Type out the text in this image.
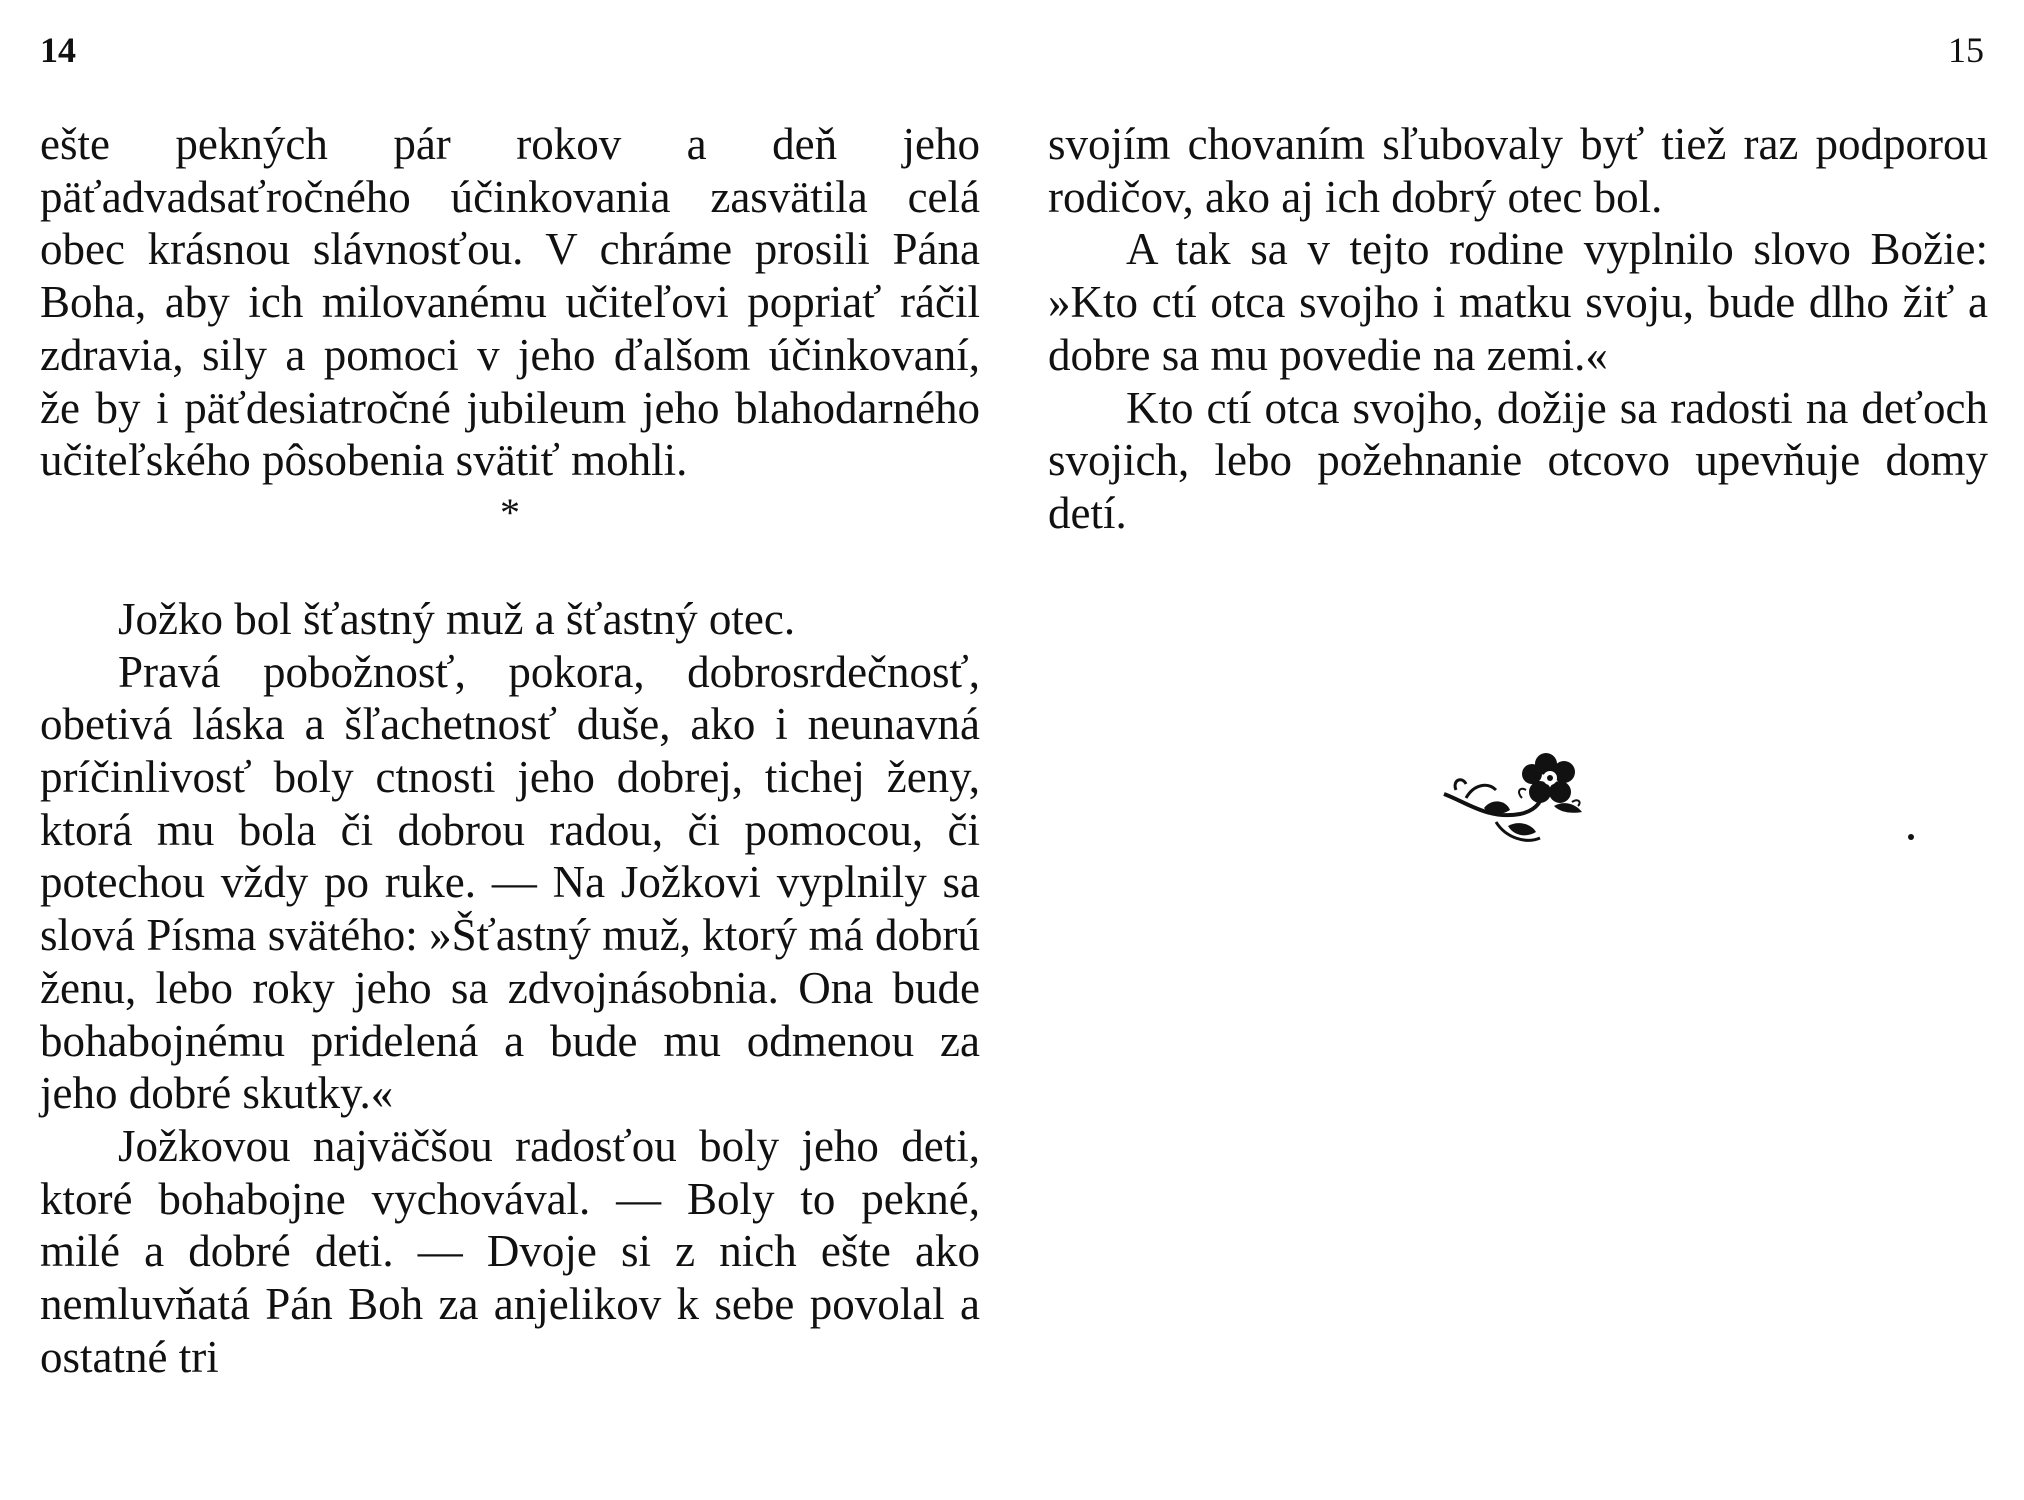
14	15

ešte pekných pár rokov a deň jeho päťadvadsaťročného účinkovania zasvätila celá obec krásnou slávnosťou. V chráme prosili Pána Boha, aby ich milovanému učiteľovi popriať ráčil zdravia, sily a pomoci v jeho ďalšom účinkovaní, že by i päťdesiatročné jubileum jeho blahodarného učiteľského pôsobenia svätiť mohli.

*

Jožko bol šťastný muž a šťastný otec.

Pravá pobožnosť, pokora, dobrosrdečnosť, obetivá láska a šľachetnosť duše, ako i neunavná príčinlivosť boly ctnosti jeho dobrej, tichej ženy, ktorá mu bola či dobrou radou, či pomocou, či potechou vždy po ruke. — Na Jožkovi vyplnily sa slová Písma svätého: »Šťastný muž, ktorý má dobrú ženu, lebo roky jeho sa zdvojnásobnia. Ona bude bohabojnému pridelená a bude mu odmenou za jeho dobré skutky.«

Jožkovou najväčšou radosťou boly jeho deti, ktoré bohabojne vychovával. — Boly to pekné, milé a dobré deti. — Dvoje si z nich ešte ako nemluvňatá Pán Boh za anjelikov k sebe povolal a ostatné tri

svojím chovaním sľubovaly byť tiež raz podporou rodičov, ako aj ich dobrý otec bol.

A tak sa v tejto rodine vyplnilo slovo Božie: »Kto ctí otca svojho i matku svoju, bude dlho žiť a dobre sa mu povedie na zemi.«

Kto ctí otca svojho, dožije sa radosti na deťoch svojich, lebo požehnanie otcovo upevňuje domy detí.
